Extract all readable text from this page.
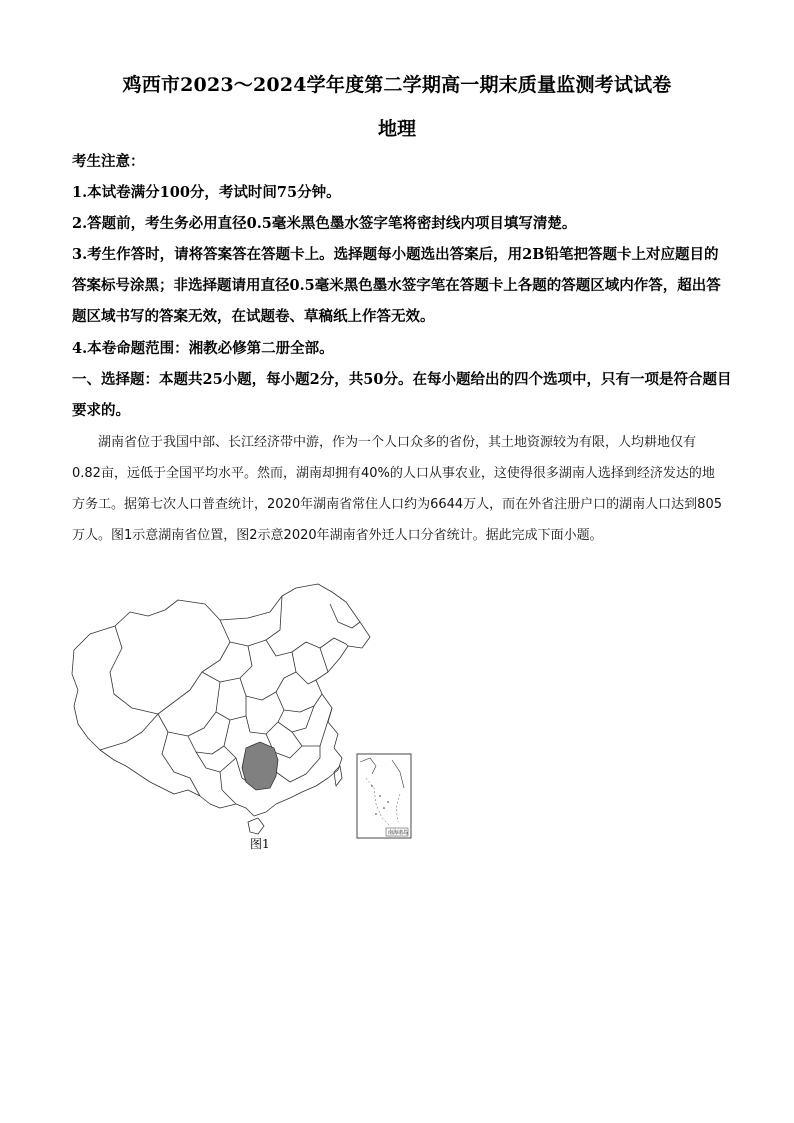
鸡西市2023～2024学年度第二学期高一期末质量监测考试试卷
地理
考生注意：
1.本试卷满分100分，考试时间75分钟。
2.答题前，考生务必用直径0.5毫米黑色墨水签字笔将密封线内项目填写清楚。
3.考生作答时，请将答案答在答题卡上。选择题每小题选出答案后，用2B铅笔把答题卡上对应题目的答案标号涂黑；非选择题请用直径0.5毫米黑色墨水签字笔在答题卡上各题的答题区域内作答，超出答题区域书写的答案无效，在试题卷、草稿纸上作答无效。
4.本卷命题范围：湘教必修第二册全部。
一、选择题：本题共25小题，每小题2分，共50分。在每小题给出的四个选项中，只有一项是符合题目要求的。
湖南省位于我国中部、长江经济带中游，作为一个人口众多的省份，其土地资源较为有限，人均耕地仅有0.82亩，远低于全国平均水平。然而，湖南却拥有40%的人口从事农业，这使得很多湖南人选择到经济发达的地方务工。据第七次人口普查统计，2020年湖南省常住人口约为6644万人，而在外省注册户口的湖南人口达到805万人。图1示意湖南省位置，图2示意2020年湖南省外迁人口分省统计。据此完成下面小题。
南海诸岛
图1
